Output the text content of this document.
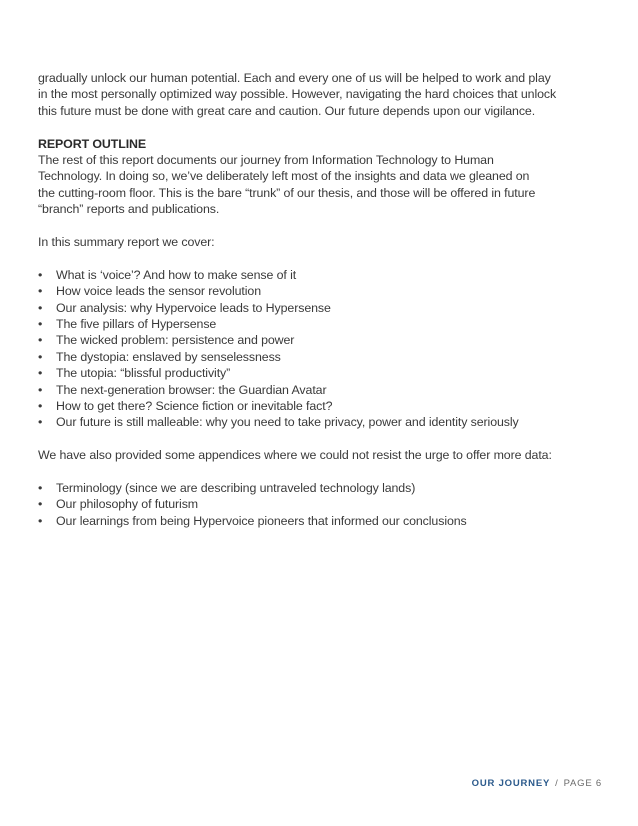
gradually unlock our human potential. Each and every one of us will be helped to work and play

in the most personally optimized way possible. However, navigating the hard choices that unlock

this future must be done with great care and caution. Our future depends upon our vigilance.

REPORT OUTLINE

The rest of this report documents our journey from Information Technology to Human

Technology. In doing so, we’ve deliberately left most of the insights and data we gleaned on

the cutting-room floor. This is the bare “trunk” of our thesis, and those will be offered in future

“branch” reports and publications.

In this summary report we cover:

•	What is ‘voice’? And how to make sense of it
•	How voice leads the sensor revolution
•	Our analysis: why Hypervoice leads to Hypersense
•	The five pillars of Hypersense
•	The wicked problem: persistence and power
•	The dystopia: enslaved by senselessness
•	The utopia: “blissful productivity”
•	The next-generation browser: the Guardian Avatar
•	How to get there? Science fiction or inevitable fact?
•	Our future is still malleable: why you need to take privacy, power and identity seriously

We have also provided some appendices where we could not resist the urge to offer more data:

•	Terminology (since we are describing untraveled technology lands)
•	Our philosophy of futurism
•	Our learnings from being Hypervoice pioneers that informed our conclusions
OUR JOURNEY / PAGE 6
